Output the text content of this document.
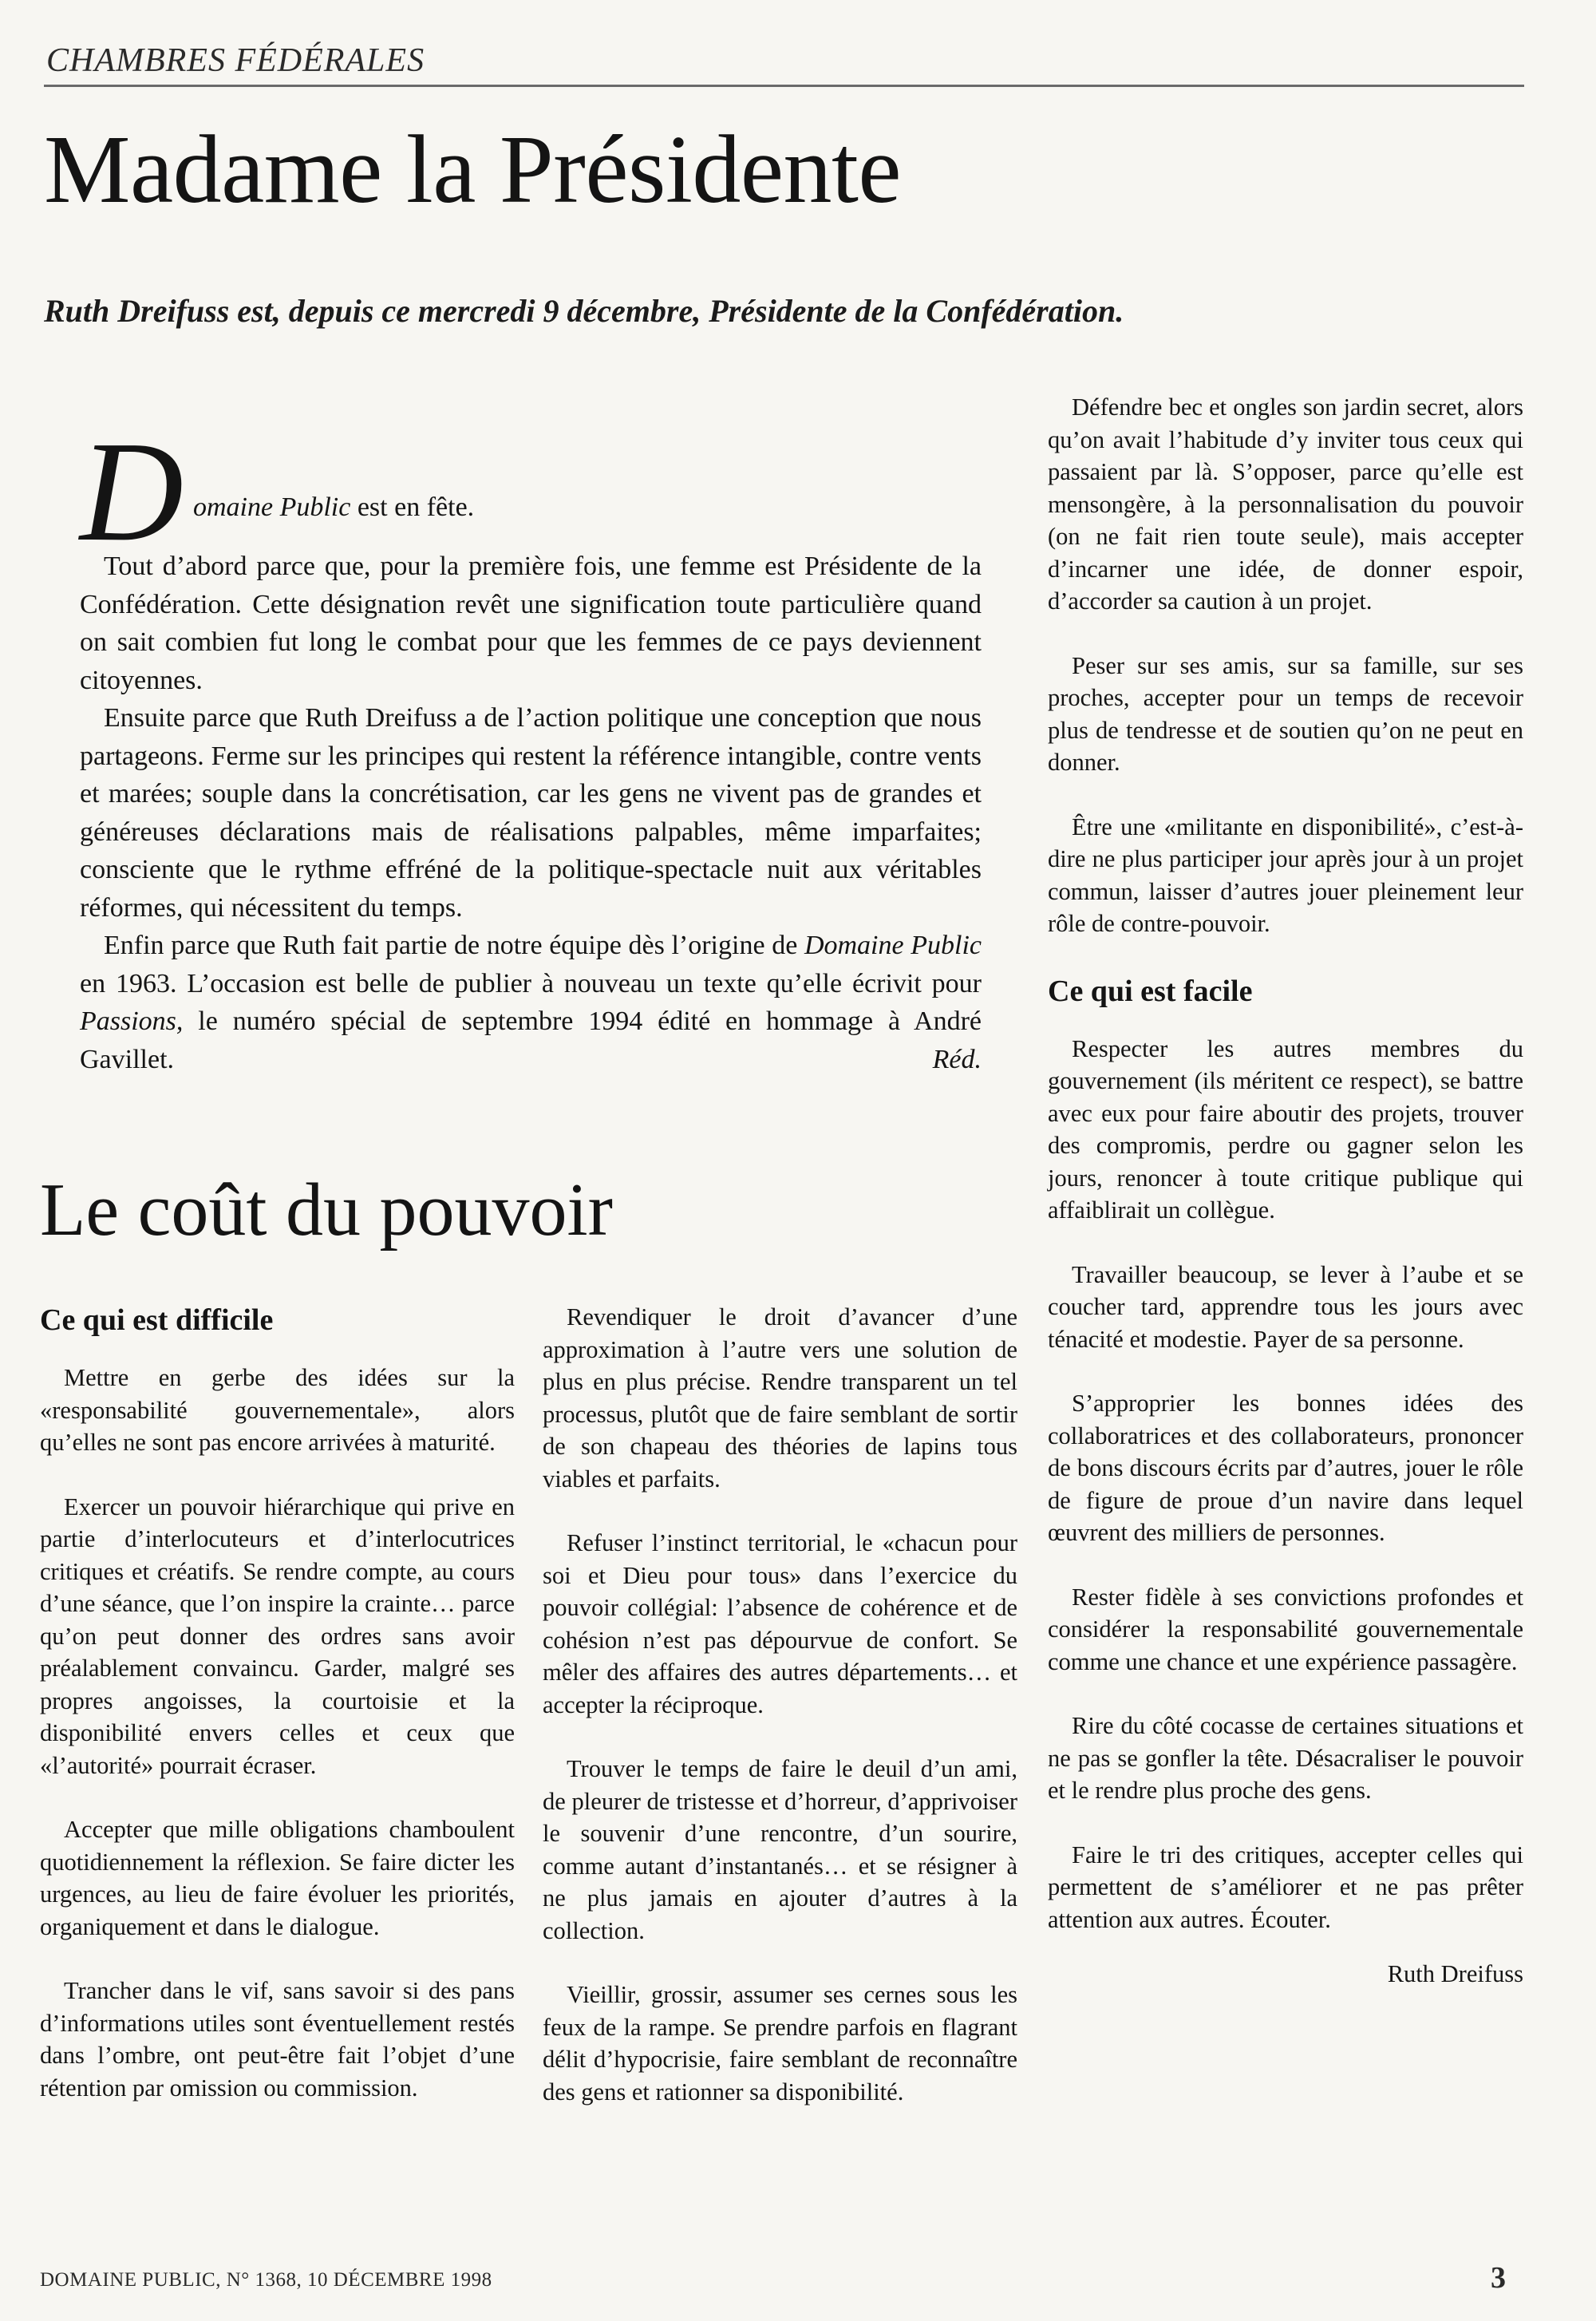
CHAMBRES FÉDÉRALES
Madame la Présidente
Ruth Dreifuss est, depuis ce mercredi 9 décembre, Présidente de la Confédération.

D omaine Public est en fête.

Tout d’abord parce que, pour la première fois, une femme est Présidente de la Confédération. Cette désignation revêt une signification toute particulière quand on sait combien fut long le combat pour que les femmes de ce pays deviennent citoyennes.

Ensuite parce que Ruth Dreifuss a de l’action politique une conception que nous partageons. Ferme sur les principes qui restent la référence intangible, contre vents et marées; souple dans la concrétisation, car les gens ne vivent pas de grandes et généreuses déclarations mais de réalisations palpables, même imparfaites; consciente que le rythme effréné de la politique-spectacle nuit aux véritables réformes, qui nécessitent du temps.

Enfin parce que Ruth fait partie de notre équipe dès l’origine de Domaine Public en 1963. L’occasion est belle de publier à nouveau un texte qu’elle écrivit pour Passions, le numéro spécial de septembre 1994 édité en hommage à André Gavillet.	Réd.

Le coût du pouvoir
Ce qui est difficile

Mettre en gerbe des idées sur la «responsabilité gouvernementale», alors qu’elles ne sont pas encore arrivées à maturité.

Exercer un pouvoir hiérarchique qui prive en partie d’interlocuteurs et d’interlocutrices critiques et créatifs. Se rendre compte, au cours d’une séance, que l’on inspire la crainte… parce qu’on peut donner des ordres sans avoir préalablement convaincu. Garder, malgré ses propres angoisses, la courtoisie et la disponibilité envers celles et ceux que «l’autorité» pourrait écraser.

Accepter que mille obligations chamboulent quotidiennement la réflexion. Se faire dicter les urgences, au lieu de faire évoluer les priorités, organiquement et dans le dialogue.

Trancher dans le vif, sans savoir si des pans d’informations utiles sont éventuellement restés dans l’ombre, ont peut-être fait l’objet d’une rétention par omission ou commission.

Revendiquer le droit d’avancer d’une approximation à l’autre vers une solution de plus en plus précise. Rendre transparent un tel processus, plutôt que de faire semblant de sortir de son chapeau des théories de lapins tous viables et parfaits.

Refuser l’instinct territorial, le «chacun pour soi et Dieu pour tous» dans l’exercice du pouvoir collégial: l’absence de cohérence et de cohésion n’est pas dépourvue de confort. Se mêler des affaires des autres départements… et accepter la réciproque.

Trouver le temps de faire le deuil d’un ami, de pleurer de tristesse et d’horreur, d’apprivoiser le souvenir d’une rencontre, d’un sourire, comme autant d’instantanés… et se résigner à ne plus jamais en ajouter d’autres à la collection.

Vieillir, grossir, assumer ses cernes sous les feux de la rampe. Se prendre parfois en flagrant délit d’hypocrisie, faire semblant de reconnaître des gens et rationner sa disponibilité.

Défendre bec et ongles son jardin secret, alors qu’on avait l’habitude d’y inviter tous ceux qui passaient par là. S’opposer, parce qu’elle est mensongère, à la personnalisation du pouvoir (on ne fait rien toute seule), mais accepter d’incarner une idée, de donner espoir, d’accorder sa caution à un projet.

Peser sur ses amis, sur sa famille, sur ses proches, accepter pour un temps de recevoir plus de tendresse et de soutien qu’on ne peut en donner.

Être une «militante en disponibilité», c’est-à-dire ne plus participer jour après jour à un projet commun, laisser d’autres jouer pleinement leur rôle de contre-pouvoir.

Ce qui est facile

Respecter les autres membres du gouvernement (ils méritent ce respect), se battre avec eux pour faire aboutir des projets, trouver des compromis, perdre ou gagner selon les jours, renoncer à toute critique publique qui affaiblirait un collègue.

Travailler beaucoup, se lever à l’aube et se coucher tard, apprendre tous les jours avec ténacité et modestie. Payer de sa personne.

S’approprier les bonnes idées des collaboratrices et des collaborateurs, prononcer de bons discours écrits par d’autres, jouer le rôle de figure de proue d’un navire dans lequel œuvrent des milliers de personnes.

Rester fidèle à ses convictions profondes et considérer la responsabilité gouvernementale comme une chance et une expérience passagère.

Rire du côté cocasse de certaines situations et ne pas se gonfler la tête. Désacraliser le pouvoir et le rendre plus proche des gens.

Faire le tri des critiques, accepter celles qui permettent de s’améliorer et ne pas prêter attention aux autres. Écouter.

Ruth Dreifuss

DOMAINE PUBLIC, N° 1368, 10 DÉCEMBRE 1998	3
